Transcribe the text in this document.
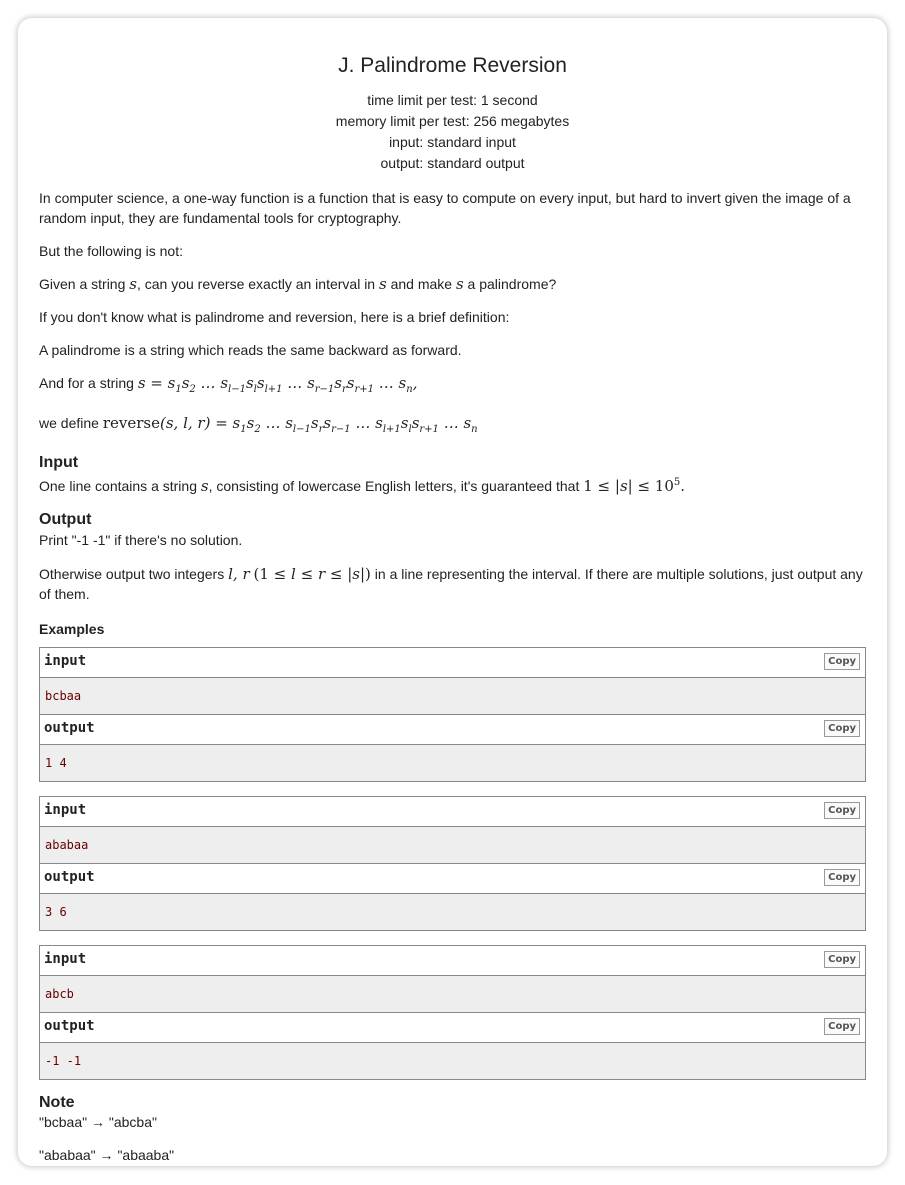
J. Palindrome Reversion
time limit per test: 1 second
memory limit per test: 256 megabytes
input: standard input
output: standard output

In computer science, a one-way function is a function that is easy to compute on every input, but hard to invert given the image of a random input, they are fundamental tools for cryptography.

But the following is not:

Given a string s, can you reverse exactly an interval in s and make s a palindrome?

If you don't know what is palindrome and reversion, here is a brief definition:

A palindrome is a string which reads the same backward as forward.

And for a string $s = s_1s_2$ … $s_{l-1}s_ls_{l+1}$ … $s_{r-1}s_rs_{r+1}$ … $s_n$,

we define reverse(s, l, $r) = s_1s_2$ … $s_{l-1}s_rs_{r-1}$ … $s_{l+1}s_ls_{r+1}$ … $s_n$

Input

One line contains a string s, consisting of lowercase English letters, it's guaranteed that $1 \le |s| \le 10^5$.

Output

Print "-1 -1" if there's no solution.

Otherwise output two integers l, r (1 ≤ l ≤ r ≤ |s|) in a line representing the interval. If there are multiple solutions, just output any of them.

Examples
input	Copy
bcbaa
output	Copy
1 4
input	Copy
ababaa
output	Copy
3 6
input	Copy
abcb
output	Copy
-1 -1
Note

"bcbaa" → "abcba"

"ababaa" → "abaaba"
